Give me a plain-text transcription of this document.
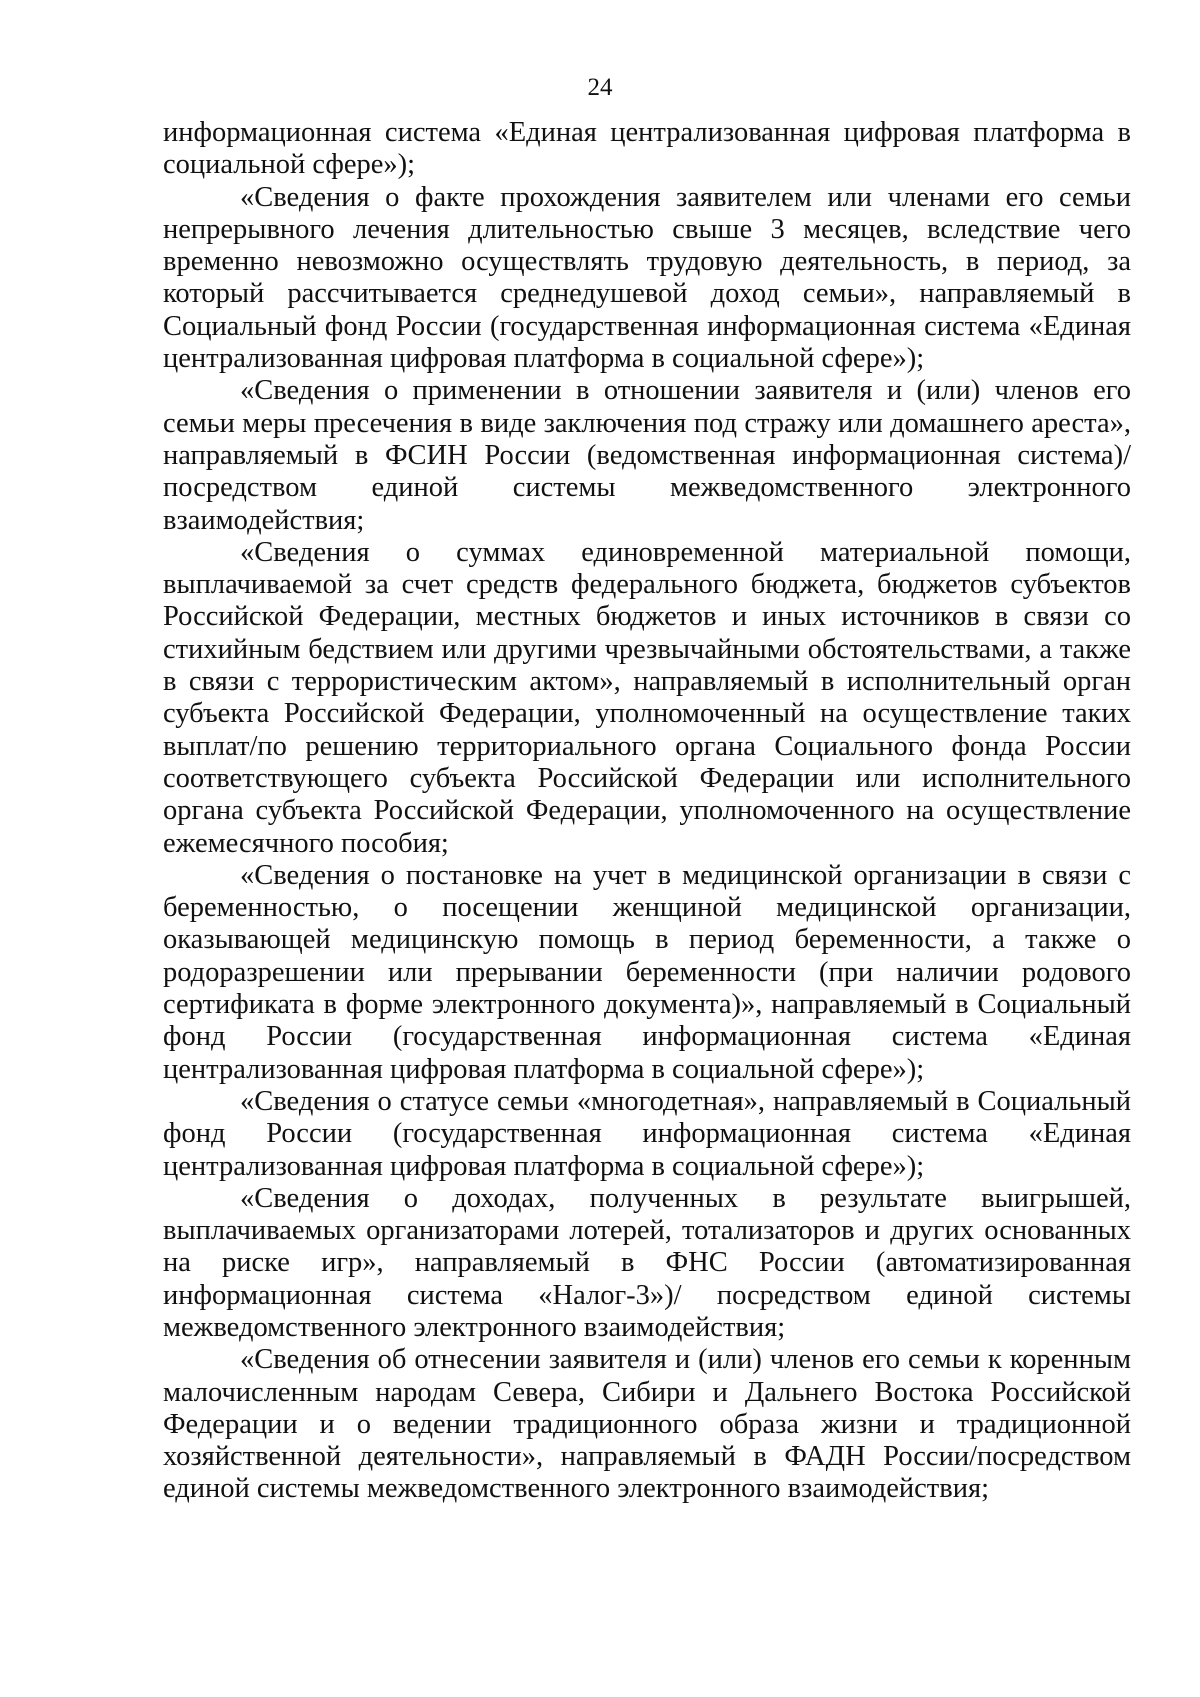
24

информационная система «Единая централизованная цифровая платформа в социальной сфере»);

«Сведения о факте прохождения заявителем или членами его семьи непрерывного лечения длительностью свыше 3 месяцев, вследствие чего временно невозможно осуществлять трудовую деятельность, в период, за который рассчитывается среднедушевой доход семьи», направляемый в Социальный фонд России (государственная информационная система «Единая централизованная цифровая платформа в социальной сфере»);

«Сведения о применении в отношении заявителя и (или) членов его семьи меры пресечения в виде заключения под стражу или домашнего ареста», направляемый в ФСИН России (ведомственная информационная система)/посредством единой системы межведомственного электронного взаимодействия;

«Сведения о суммах единовременной материальной помощи, выплачиваемой за счет средств федерального бюджета, бюджетов субъектов Российской Федерации, местных бюджетов и иных источников в связи со стихийным бедствием или другими чрезвычайными обстоятельствами, а также в связи с террористическим актом», направляемый в исполнительный орган субъекта Российской Федерации, уполномоченный на осуществление таких выплат/по решению территориального органа Социального фонда России соответствующего субъекта Российской Федерации или исполнительного органа субъекта Российской Федерации, уполномоченного на осуществление ежемесячного пособия;

«Сведения о постановке на учет в медицинской организации в связи с беременностью, о посещении женщиной медицинской организации, оказывающей медицинскую помощь в период беременности, а также о родоразрешении или прерывании беременности (при наличии родового сертификата в форме электронного документа)», направляемый в Социальный фонд России (государственная информационная система «Единая централизованная цифровая платформа в социальной сфере»);

«Сведения о статусе семьи «многодетная», направляемый в Социальный фонд России (государственная информационная система «Единая централизованная цифровая платформа в социальной сфере»);

«Сведения о доходах, полученных в результате выигрышей, выплачиваемых организаторами лотерей, тотализаторов и других основанных на риске игр», направляемый в ФНС России (автоматизированная информационная система «Налог-3»)/ посредством единой системы межведомственного электронного взаимодействия;

«Сведения об отнесении заявителя и (или) членов его семьи к коренным малочисленным народам Севера, Сибири и Дальнего Востока Российской Федерации и о ведении традиционного образа жизни и традиционной хозяйственной деятельности», направляемый в ФАДН России/посредством единой системы межведомственного электронного взаимодействия;
